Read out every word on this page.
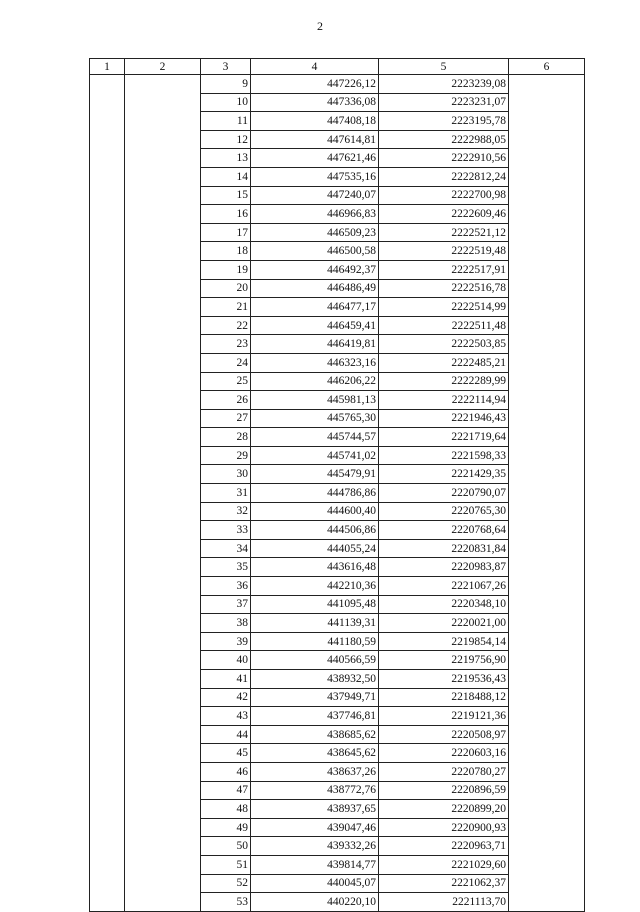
2
1	2	3	4	5	6
		9	447226,12	2223239,08	
		10	447336,08	2223231,07	
		11	447408,18	2223195,78	
		12	447614,81	2222988,05	
		13	447621,46	2222910,56	
		14	447535,16	2222812,24	
		15	447240,07	2222700,98	
		16	446966,83	2222609,46	
		17	446509,23	2222521,12	
		18	446500,58	2222519,48	
		19	446492,37	2222517,91	
		20	446486,49	2222516,78	
		21	446477,17	2222514,99	
		22	446459,41	2222511,48	
		23	446419,81	2222503,85	
		24	446323,16	2222485,21	
		25	446206,22	2222289,99	
		26	445981,13	2222114,94	
		27	445765,30	2221946,43	
		28	445744,57	2221719,64	
		29	445741,02	2221598,33	
		30	445479,91	2221429,35	
		31	444786,86	2220790,07	
		32	444600,40	2220765,30	
		33	444506,86	2220768,64	
		34	444055,24	2220831,84	
		35	443616,48	2220983,87	
		36	442210,36	2221067,26	
		37	441095,48	2220348,10	
		38	441139,31	2220021,00	
		39	441180,59	2219854,14	
		40	440566,59	2219756,90	
		41	438932,50	2219536,43	
		42	437949,71	2218488,12	
		43	437746,81	2219121,36	
		44	438685,62	2220508,97	
		45	438645,62	2220603,16	
		46	438637,26	2220780,27	
		47	438772,76	2220896,59	
		48	438937,65	2220899,20	
		49	439047,46	2220900,93	
		50	439332,26	2220963,71	
		51	439814,77	2221029,60	
		52	440045,07	2221062,37	
		53	440220,10	2221113,70	
